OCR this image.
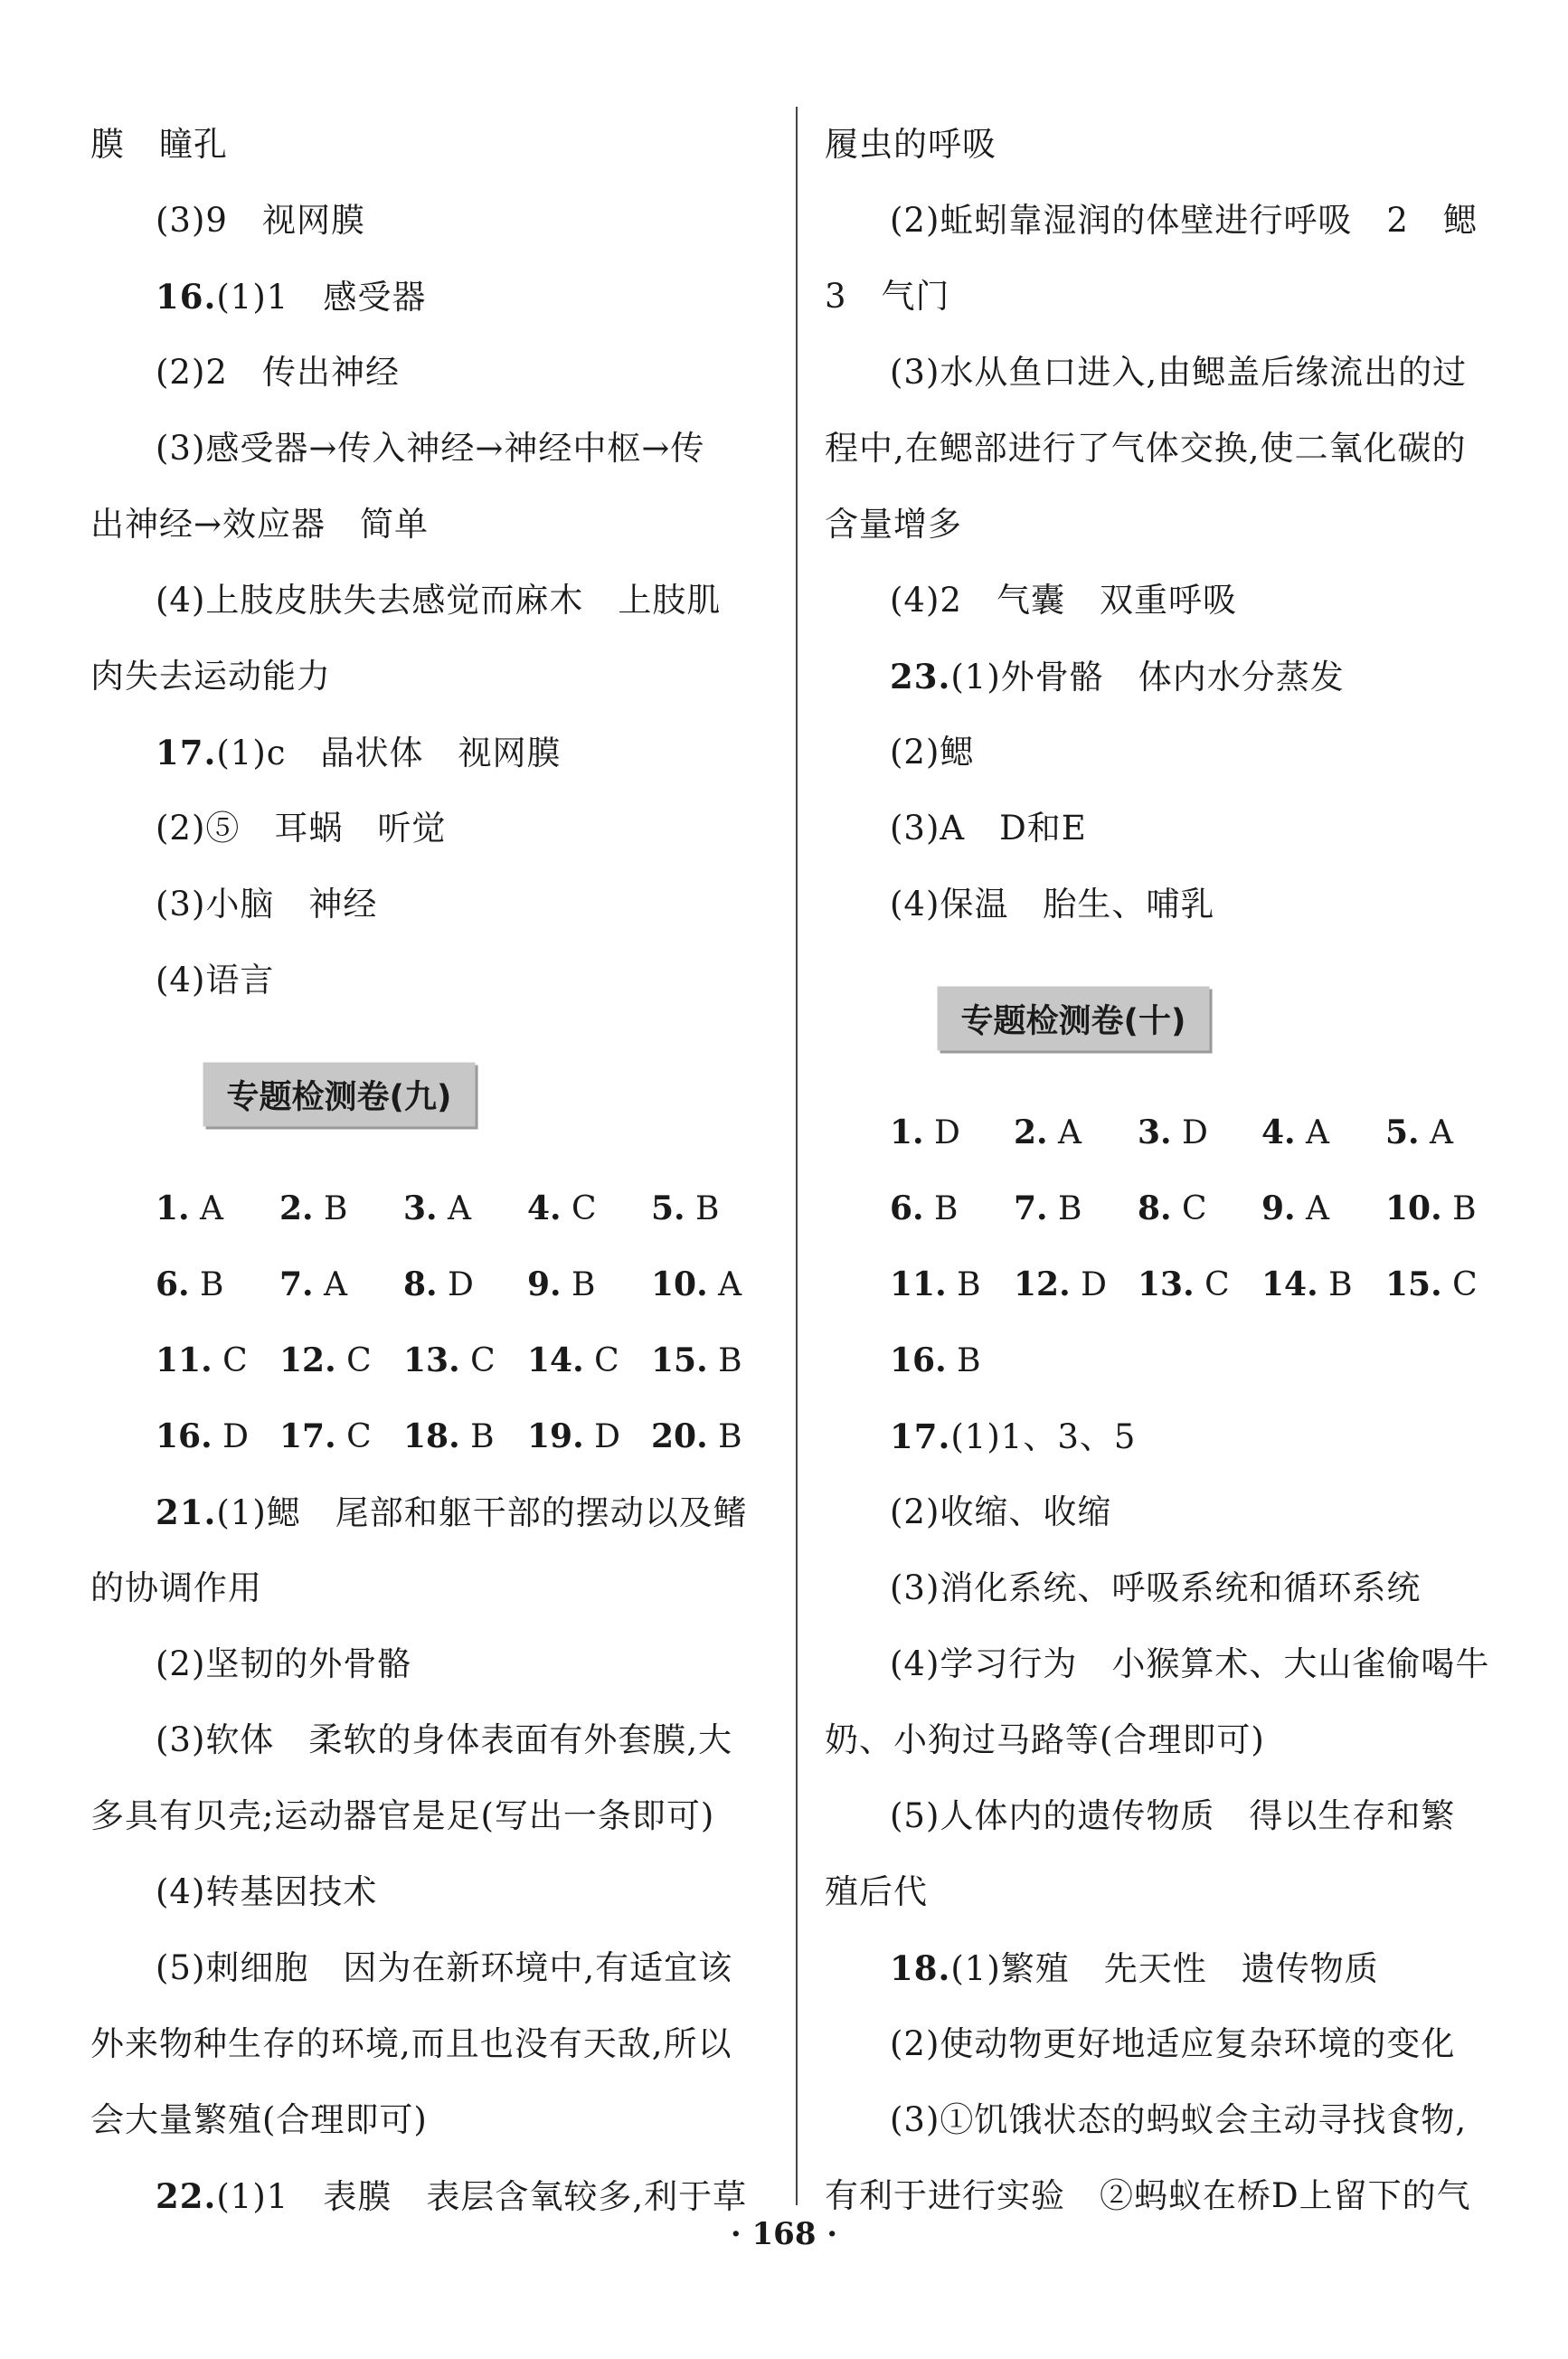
膜　瞳孔
(3)9　视网膜
16.(1)1　感受器
(2)2　传出神经
(3)感受器→传入神经→神经中枢→传
出神经→效应器　简单
(4)上肢皮肤失去感觉而麻木　上肢肌
肉失去运动能力
17.(1)c　晶状体　视网膜
(2)⑤　耳蜗　听觉
(3)小脑　神经
(4)语言
专题检测卷(九)
1. A	2. B	3. A	4. C	5. B
6. B	7. A	8. D	9. B	10. A
11. C 12. C 13. C 14. C 15. B
16. D 17. C 18. B	19. D 20. B
21.(1)鳃　尾部和躯干部的摆动以及鳍
的协调作用
(2)坚韧的外骨骼
(3)软体　柔软的身体表面有外套膜,大
多具有贝壳;运动器官是足(写出一条即可)
(4)转基因技术
(5)刺细胞　因为在新环境中,有适宜该
外来物种生存的环境,而且也没有天敌,所以
会大量繁殖(合理即可)
22.(1)1　表膜　表层含氧较多,利于草
履虫的呼吸
(2)蚯蚓靠湿润的体壁进行呼吸　2　鳃
3　气门
(3)水从鱼口进入,由鳃盖后缘流出的过
程中,在鳃部进行了气体交换,使二氧化碳的
含量增多
(4)2　气囊　双重呼吸
23.(1)外骨骼　体内水分蒸发
(2)鳃
(3)A　D和E
(4)保温　胎生、哺乳
专题检测卷(十)
1. D	2. A	3. D	4. A	5. A
6. B	7. B	8. C	9. A	10. B
11. B	12. D 13. C 14. B	15. C
16. B
17.(1)1、3、5
(2)收缩、收缩
(3)消化系统、呼吸系统和循环系统
(4)学习行为　小猴算术、大山雀偷喝牛
奶、小狗过马路等(合理即可)
(5)人体内的遗传物质　得以生存和繁
殖后代
18.(1)繁殖　先天性　遗传物质
(2)使动物更好地适应复杂环境的变化
(3)①饥饿状态的蚂蚁会主动寻找食物,
有利于进行实验　②蚂蚁在桥D上留下的气
· 168 ·
